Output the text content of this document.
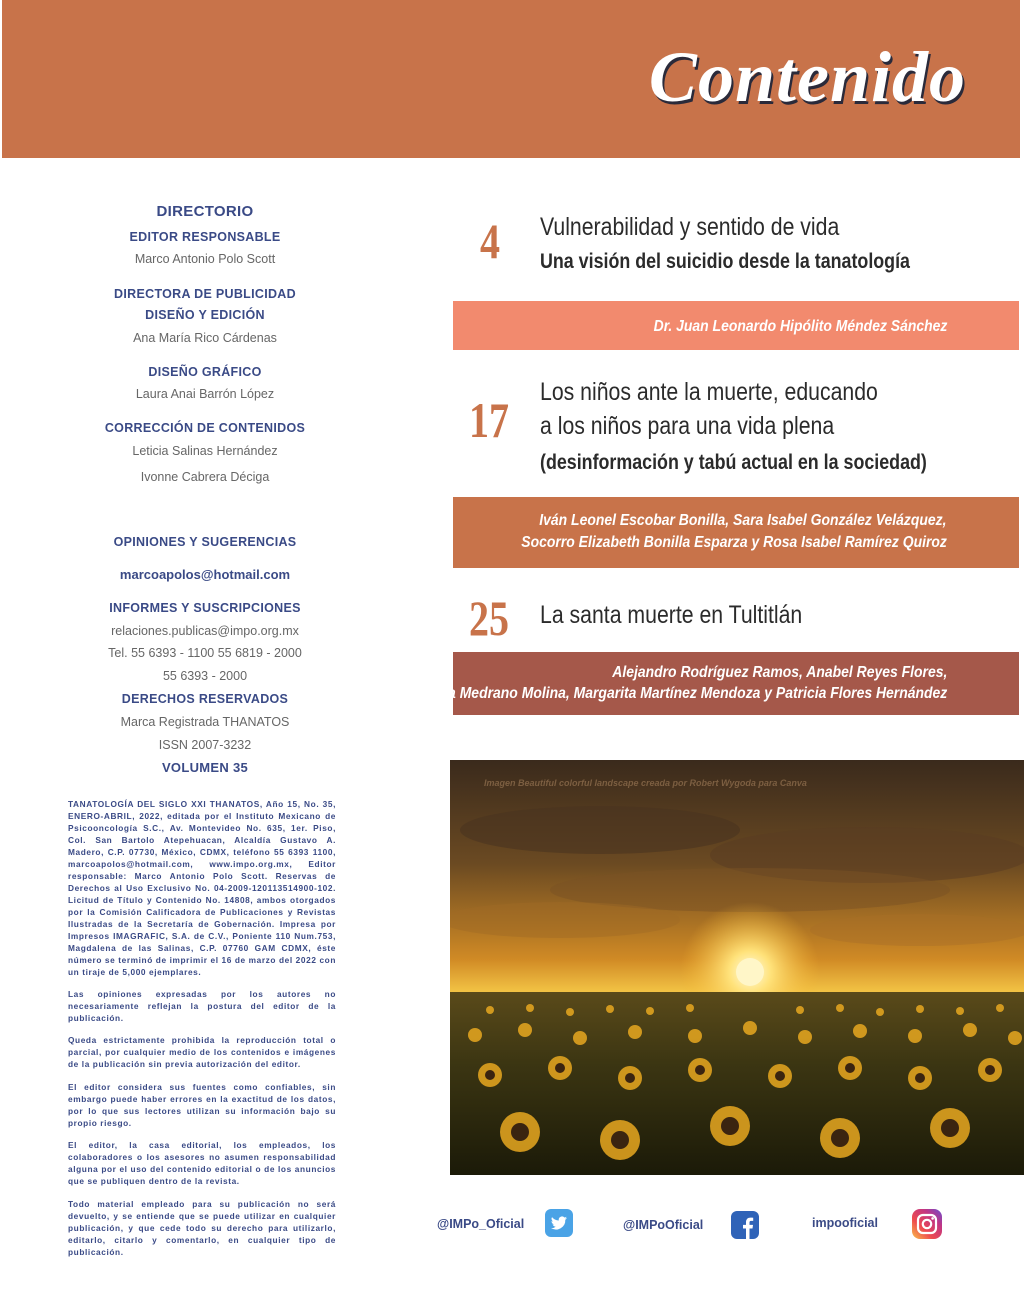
Contenido
DIRECTORIO
EDITOR RESPONSABLE
Marco Antonio Polo Scott
DIRECTORA DE PUBLICIDAD
DISEÑO Y EDICIÓN
Ana María Rico Cárdenas
DISEÑO GRÁFICO
Laura Anai Barrón López
CORRECCIÓN DE CONTENIDOS
Leticia Salinas Hernández
Ivonne Cabrera Déciga
OPINIONES Y SUGERENCIAS
marcoapolos@hotmail.com
INFORMES Y SUSCRIPCIONES
relaciones.publicas@impo.org.mx
Tel. 55 6393 - 1100 55 6819 - 2000
55 6393 - 2000
DERECHOS RESERVADOS
Marca Registrada THANATOS
ISSN 2007-3232
VOLUMEN 35
TANATOLOGÍA DEL SIGLO XXI THANATOS, Año 15, No. 35, ENERO-ABRIL, 2022, editada por el Instituto Mexicano de Psicooncología S.C., Av. Montevideo No. 635, 1er. Piso, Col. San Bartolo Atepehuacan, Alcaldía Gustavo A. Madero, C.P. 07730, México, CDMX, teléfono 55 6393 1100, marcoapolos@hotmail.com, www.impo.org.mx, Editor responsable: Marco Antonio Polo Scott. Reservas de Derechos al Uso Exclusivo No. 04-2009-120113514900-102. Licitud de Título y Contenido No. 14808, ambos otorgados por la Comisión Calificadora de Publicaciones y Revistas Ilustradas de la Secretaría de Gobernación. Impresa por Impresos IMAGRAFIC, S.A. de C.V., Poniente 110 Num.753, Magdalena de las Salinas, C.P. 07760 GAM CDMX, éste número se terminó de imprimir el 16 de marzo del 2022 con un tiraje de 5,000 ejemplares.
Las opiniones expresadas por los autores no necesariamente reflejan la postura del editor de la publicación.
Queda estrictamente prohibida la reproducción total o parcial, por cualquier medio de los contenidos e imágenes de la publicación sin previa autorización del editor.
El editor considera sus fuentes como confiables, sin embargo puede haber errores en la exactitud de los datos, por lo que sus lectores utilizan su información bajo su propio riesgo.
El editor, la casa editorial, los empleados, los colaboradores o los asesores no asumen responsabilidad alguna por el uso del contenido editorial o de los anuncios que se publiquen dentro de la revista.
Todo material empleado para su publicación no será devuelto, y se entiende que se puede utilizar en cualquier publicación, y que cede todo su derecho para utilizarlo, editarlo, citarlo y comentarlo, en cualquier tipo de publicación.
4 Vulnerabilidad y sentido de vida
Una visión del suicidio desde la tanatología
Dr. Juan Leonardo Hipólito Méndez Sánchez
17 Los niños ante la muerte, educando
a los niños para una vida plena
(desinformación y tabú actual en la sociedad)
Iván Leonel Escobar Bonilla, Sara Isabel González Velázquez,
Socorro Elizabeth Bonilla Esparza y Rosa Isabel Ramírez Quiroz
25 La santa muerte en Tultitlán
Alejandro Rodríguez Ramos, Anabel Reyes Flores,
Laura Medrano Molina, Margarita Martínez Mendoza y Patricia Flores Hernández
Imagen Beautiful colorful landscape creada por Robert Wygoda para Canva
@IMPo_Oficial	@IMPoOficial	impooficial
